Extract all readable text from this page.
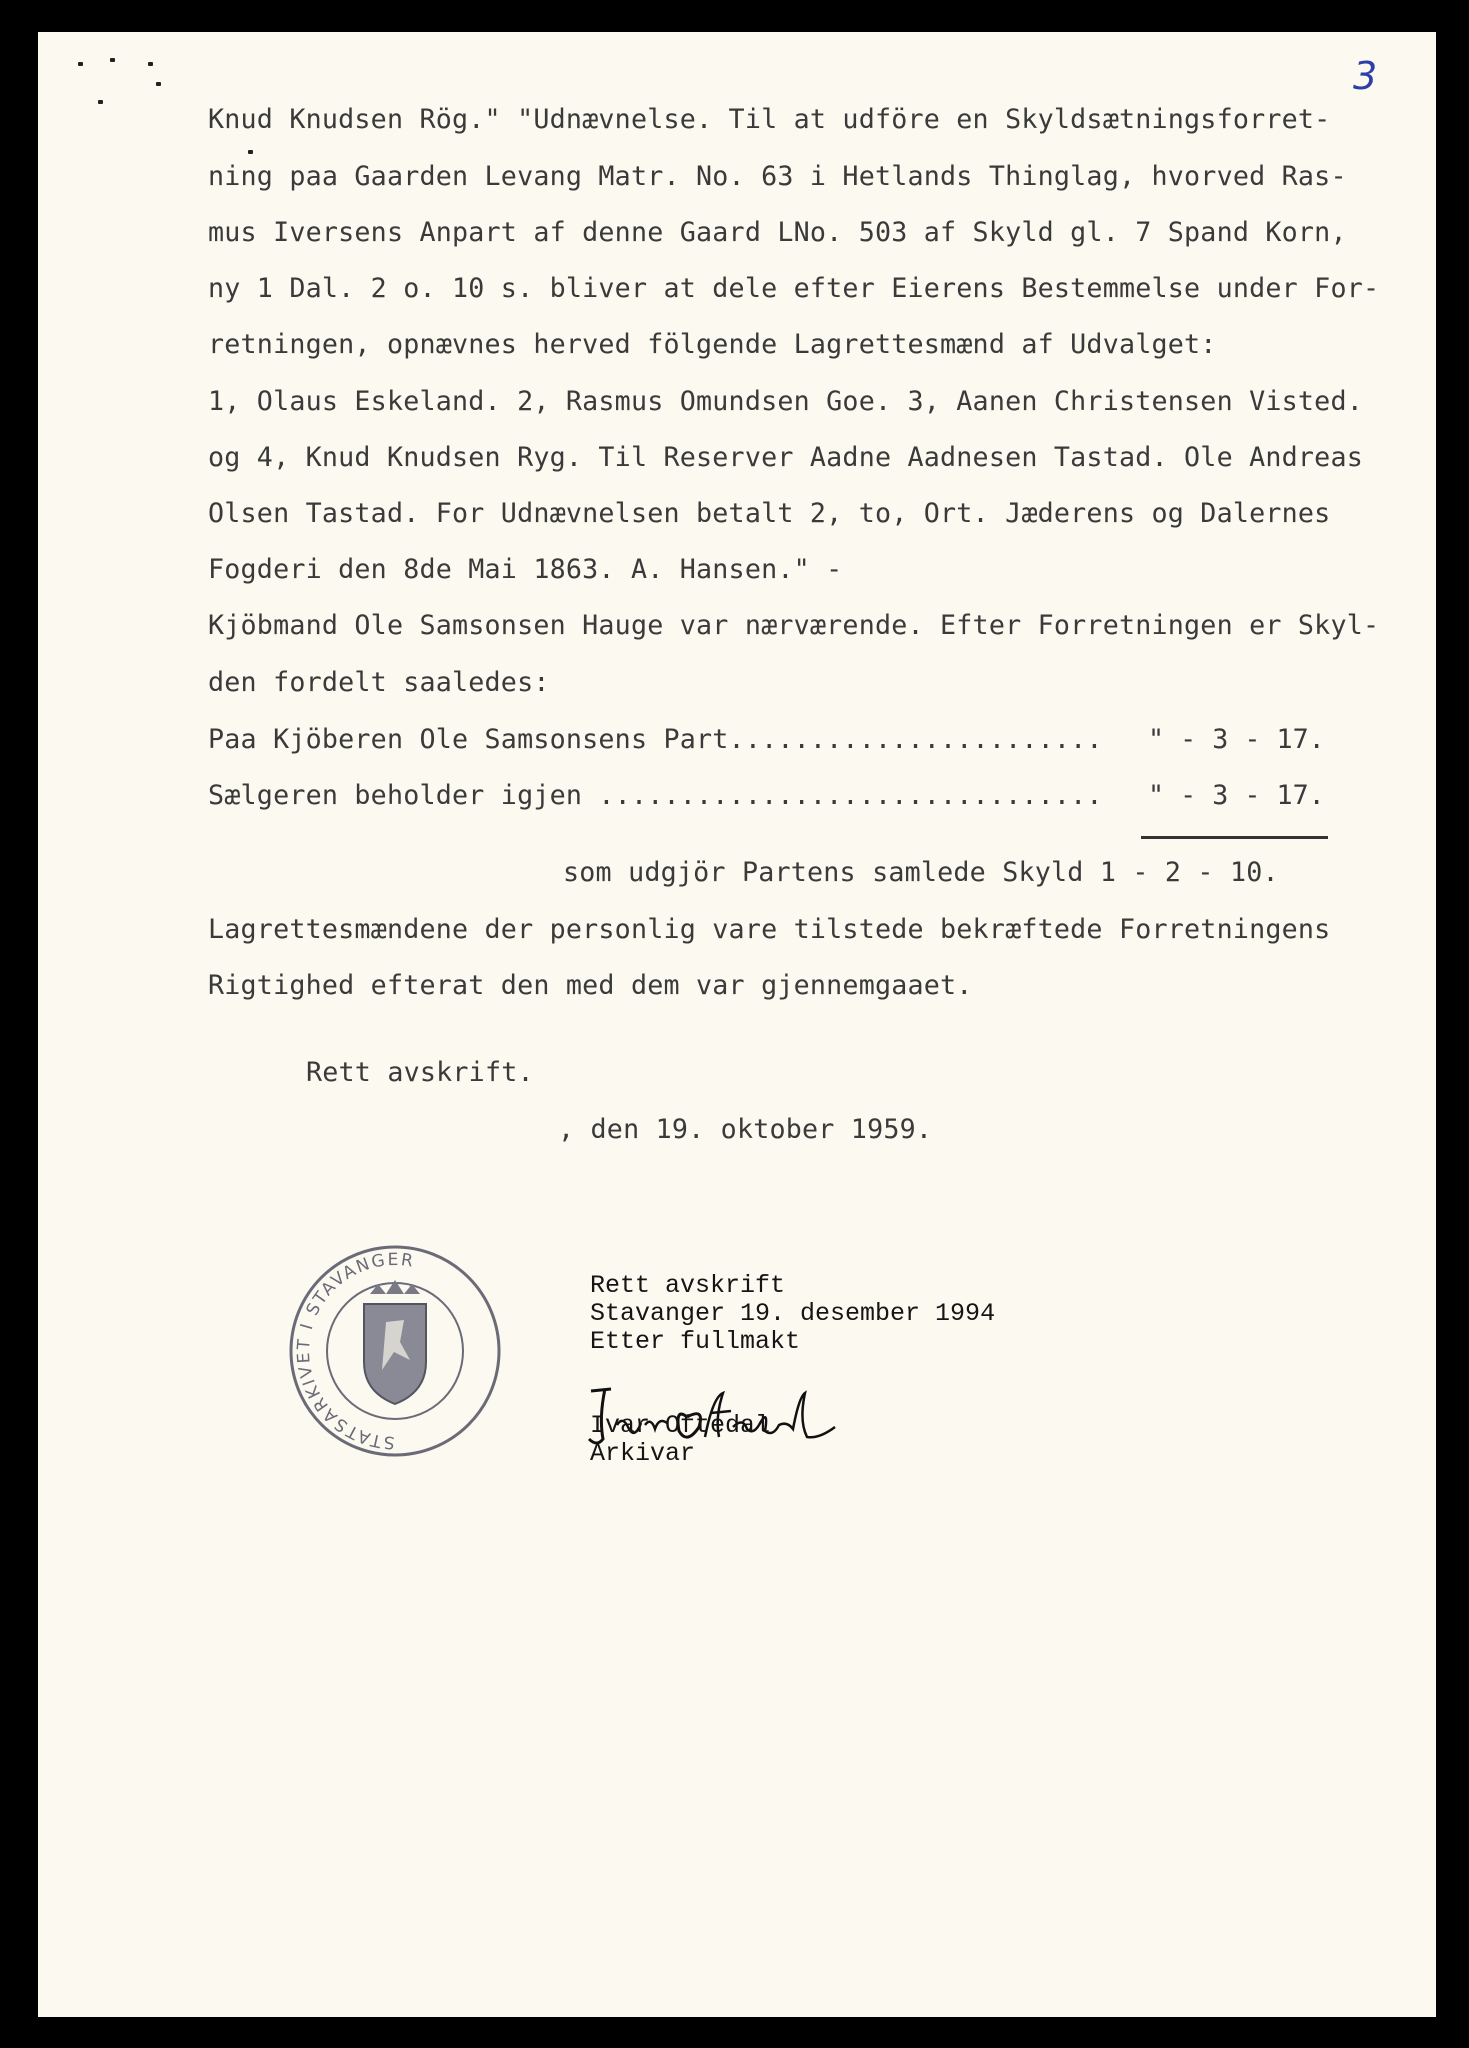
3
Knud Knudsen Rög." "Udnævnelse. Til at udföre en Skyldsætningsforret-
ning paa Gaarden Levang Matr. No. 63 i Hetlands Thinglag, hvorved Ras-
mus Iversens Anpart af denne Gaard LNo. 503 af Skyld gl. 7 Spand Korn,
ny 1 Dal. 2 o. 10 s. bliver at dele efter Eierens Bestemmelse under For-
retningen, opnævnes herved fölgende Lagrettesmænd af Udvalget:
1, Olaus Eskeland. 2, Rasmus Omundsen Goe. 3, Aanen Christensen Visted.
og 4, Knud Knudsen Ryg. Til Reserver Aadne Aadnesen Tastad. Ole Andreas
Olsen Tastad. For Udnævnelsen betalt 2, to, Ort. Jæderens og Dalernes
Fogderi den 8de Mai 1863. A. Hansen." -
Kjöbmand Ole Samsonsen Hauge var nærværende. Efter Forretningen er Skyl-
den fordelt saaledes:
Paa Kjöberen Ole Samsonsens Part....................... " - 3 - 17.
Sælgeren beholder igjen ............................... " - 3 - 17.
som udgjör Partens samlede Skyld 1 - 2 - 10.
Lagrettesmændene der personlig vare tilstede bekræftede Forretningens
Rigtighed efterat den med dem var gjennemgaaet.
Rett avskrift.
, den 19. oktober 1959.
STATSARKIVET I STAVANGER
Rett avskrift
Stavanger 19. desember 1994
Etter fullmakt
Ivar Oftedal
Arkivar
